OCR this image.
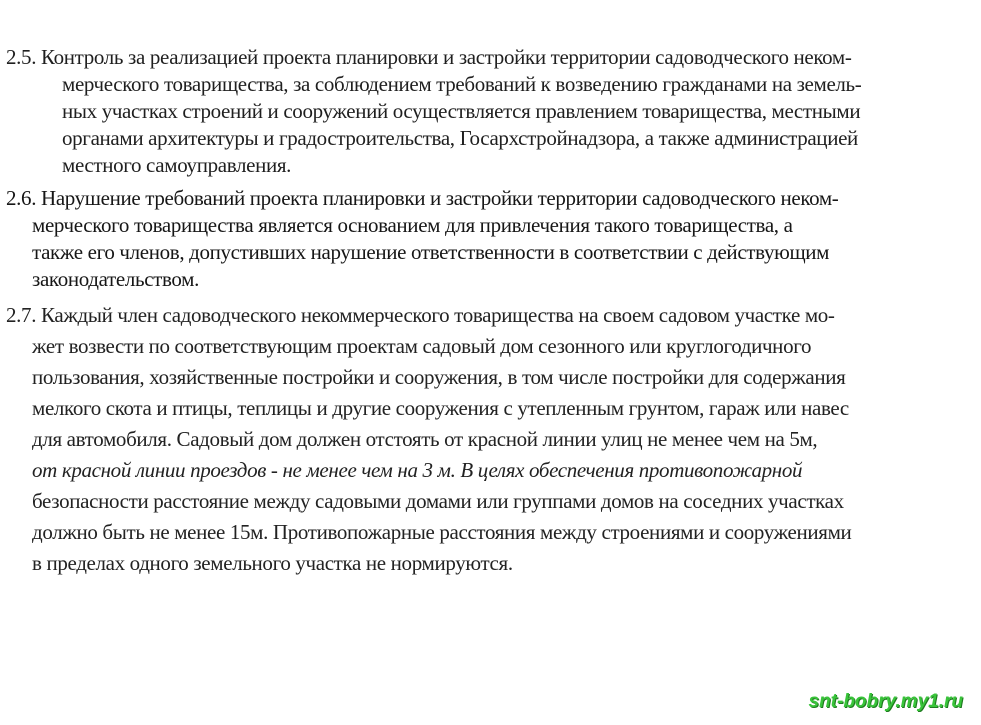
2.5. Контроль за реализацией проекта планировки и застройки территории садоводческого неком-
мерческого товарищества, за соблюдением требований к возведению гражданами на земель-
ных участках строений и сооружений осуществляется правлением товарищества, местными
органами архитектуры и градостроительства, Госархстройнадзора, а также администрацией
местного самоуправления.
2.6. Нарушение требований проекта планировки и застройки территории садоводческого неком-
мерческого товарищества является основанием для привлечения такого товарищества, а
также его членов, допустивших нарушение ответственности в соответствии с действующим
законодательством.
2.7. Каждый член садоводческого некоммерческого товарищества на своем садовом участке мо-
жет возвести по соответствующим проектам садовый дом сезонного или круглогодичного
пользования, хозяйственные постройки и сооружения, в том числе постройки для содержания
мелкого скота и птицы, теплицы и другие сооружения с утепленным грунтом, гараж или навес
для автомобиля. Садовый дом должен отстоять от красной линии улиц не менее чем на 5м,
от красной линии проездов - не менее чем на 3 м. В целях обеспечения противопожарной
безопасности расстояние между садовыми домами или группами домов на соседних участках
должно быть не менее 15м. Противопожарные расстояния между строениями и сооружениями
в пределах одного земельного участка не нормируются.
snt-bobry.my1.ru
